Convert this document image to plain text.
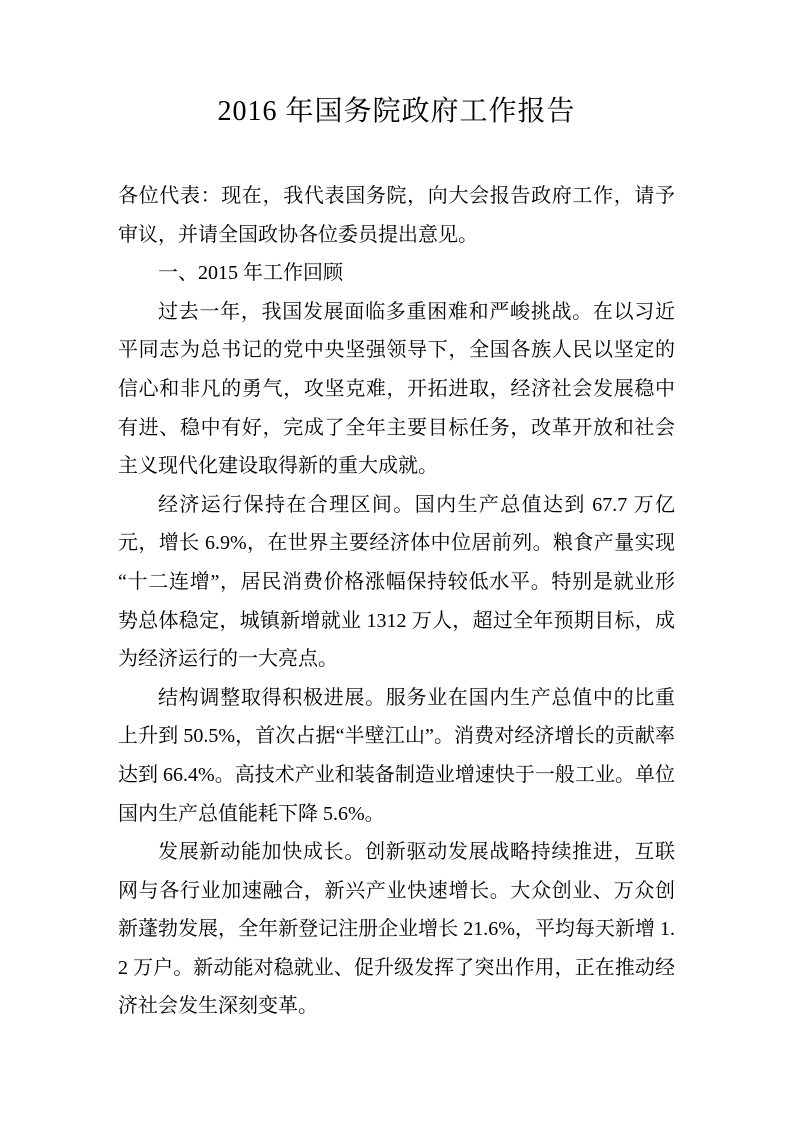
2016 年国务院政府工作报告

各位代表：现在，我代表国务院，向大会报告政府工作，请予审议，并请全国政协各位委员提出意见。

一、2015 年工作回顾

过去一年，我国发展面临多重困难和严峻挑战。在以习近平同志为总书记的党中央坚强领导下，全国各族人民以坚定的信心和非凡的勇气，攻坚克难，开拓进取，经济社会发展稳中有进、稳中有好，完成了全年主要目标任务，改革开放和社会主义现代化建设取得新的重大成就。

经济运行保持在合理区间。国内生产总值达到 67.7 万亿元，增长 6.9%，在世界主要经济体中位居前列。粮食产量实现“十二连增”，居民消费价格涨幅保持较低水平。特别是就业形势总体稳定，城镇新增就业 1312 万人，超过全年预期目标，成为经济运行的一大亮点。

结构调整取得积极进展。服务业在国内生产总值中的比重上升到 50.5%，首次占据“半壁江山”。消费对经济增长的贡献率达到 66.4%。高技术产业和装备制造业增速快于一般工业。单位国内生产总值能耗下降 5.6%。

发展新动能加快成长。创新驱动发展战略持续推进，互联网与各行业加速融合，新兴产业快速增长。大众创业、万众创新蓬勃发展，全年新登记注册企业增长 21.6%，平均每天新增 1.2 万户。新动能对稳就业、促升级发挥了突出作用，正在推动经济社会发生深刻变革。
